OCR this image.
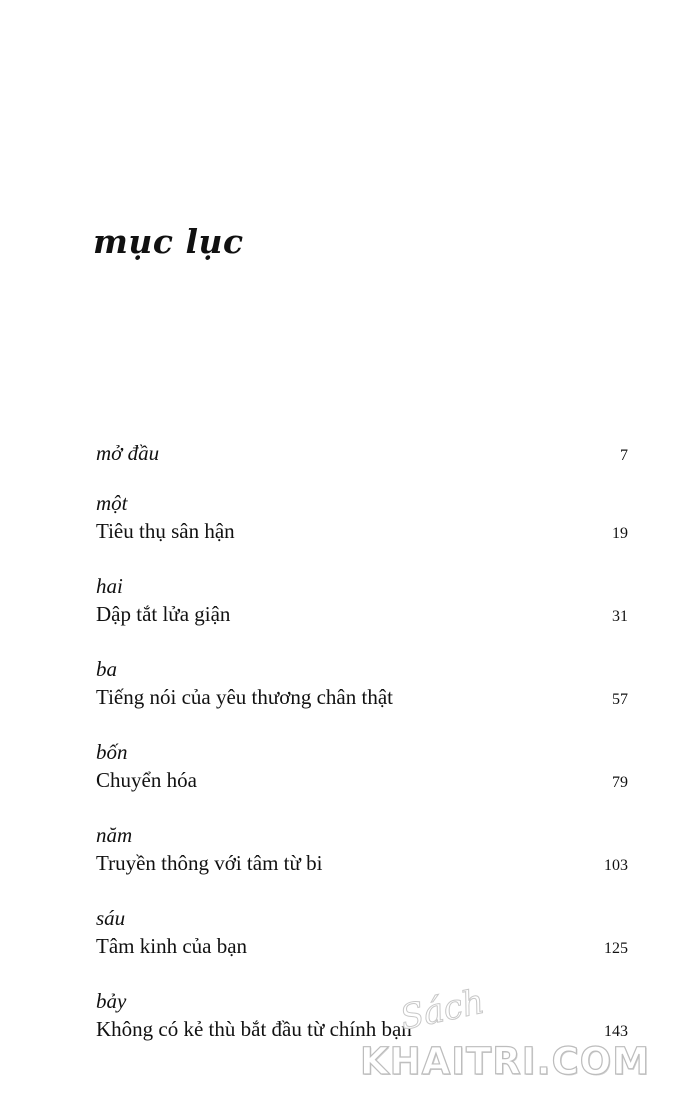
mục lục
mở đầu	7
một
Tiêu thụ sân hận	19
hai
Dập tắt lửa giận	31
ba
Tiếng nói của yêu thương chân thật	57
bốn
Chuyển hóa	79
năm
Truyền thông với tâm từ bi	103
sáu
Tâm kinh của bạn	125
bảy
Không có kẻ thù bắt đầu từ chính bạn	143
Sách
KHAITRI.COM
